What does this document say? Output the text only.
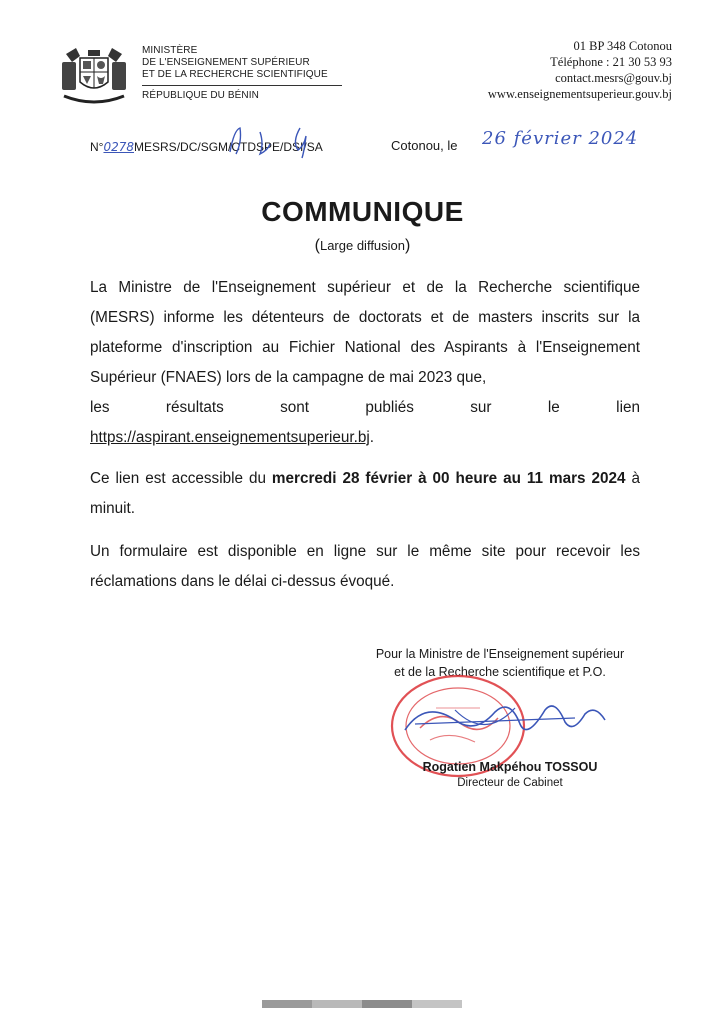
MINISTÈRE
DE L'ENSEIGNEMENT SUPÉRIEUR
ET DE LA RECHERCHE SCIENTIFIQUE
RÉPUBLIQUE DU BÉNIN
01 BP 348 Cotonou
Téléphone : 21 30 53 93
contact.mesrs@gouv.bj
www.enseignementsuperieur.gouv.bj
N°0278MESRS/DC/SGM/CTDSPE/DSI/SA	Cotonou, le 26 février 2024
COMMUNIQUE
(Large diffusion)
La Ministre de l'Enseignement supérieur et de la Recherche scientifique (MESRS) informe les détenteurs de doctorats et de masters inscrits sur la plateforme d'inscription au Fichier National des Aspirants à l'Enseignement Supérieur (FNAES) lors de la campagne de mai 2023 que,
les résultats sont publiés sur le lien
https://aspirant.enseignementsuperieur.bj.
Ce lien est accessible du mercredi 28 février à 00 heure au 11 mars 2024 à minuit.
Un formulaire est disponible en ligne sur le même site pour recevoir les réclamations dans le délai ci-dessus évoqué.
Pour la Ministre de l'Enseignement supérieur
et de la Recherche scientifique et P.O.
Rogatien Makpéhou TOSSOU
Directeur de Cabinet
